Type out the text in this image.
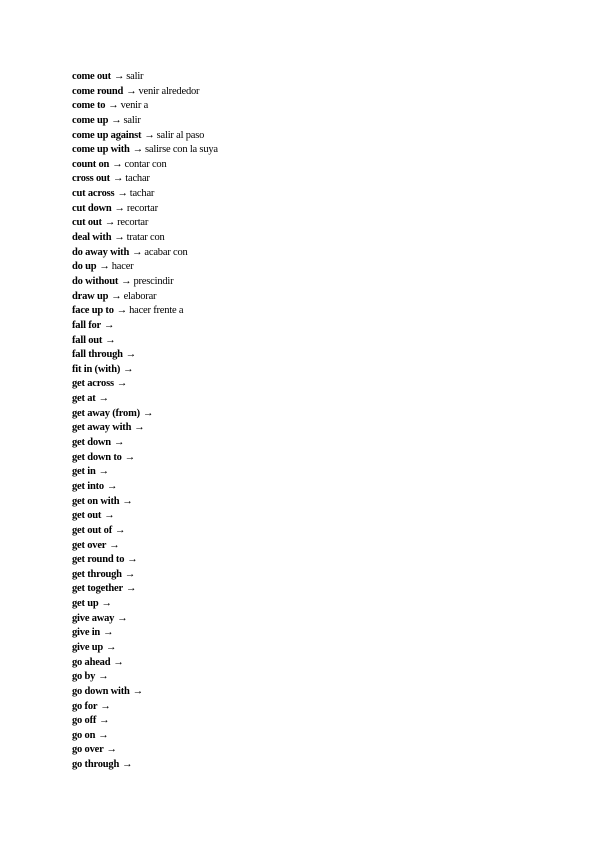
come out → salir
come round → venir alrededor
come to → venir a
come up → salir
come up against → salir al paso
come up with → salirse con la suya
count on → contar con
cross out → tachar
cut across → tachar
cut down → recortar
cut out → recortar
deal with → tratar con
do away with → acabar con
do up → hacer
do without → prescindir
draw up → elaborar
face up to → hacer frente a
fall for →
fall out →
fall through →
fit in (with) →
get across →
get at →
get away (from) →
get away with →
get down →
get down to →
get in →
get into →
get on with →
get out →
get out of →
get over →
get round to →
get through →
get together →
get up →
give away →
give in →
give up →
go ahead →
go by →
go down with →
go for →
go off →
go on →
go over →
go through →
